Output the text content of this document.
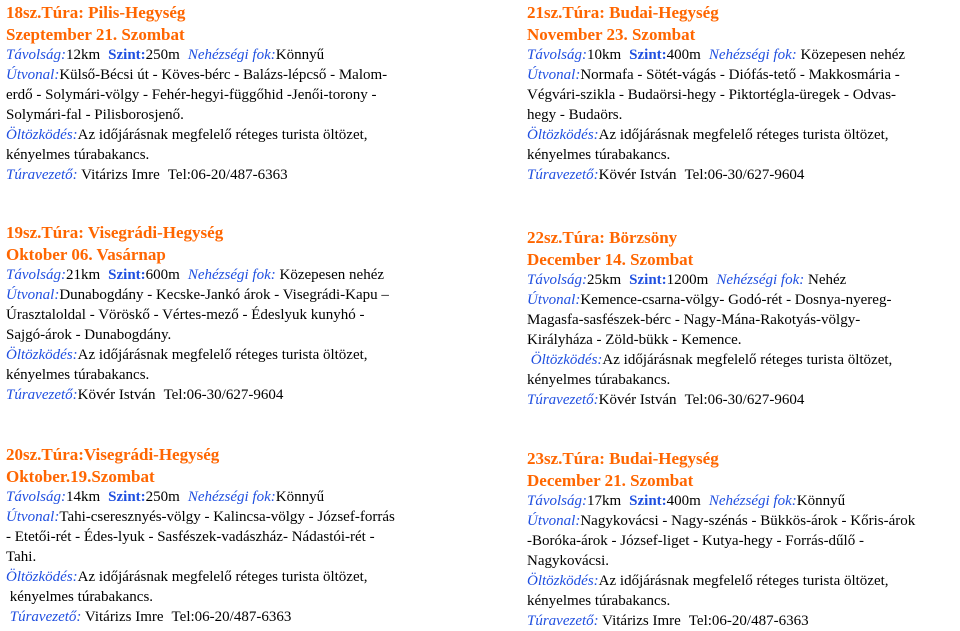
18sz.Túra: Pilis-Hegység

Szeptember 21. Szombat

Távolság:12km Szint:250m Nehézségi fok:Könnyű

Útvonal:Külső-Bécsi út - Köves-bérc - Balázs-lépcső - Malom-

erdő - Solymári-völgy - Fehér-hegyi-függőhid -Jenői-torony -

Solymári-fal - Pilisborosjenő.

Öltözködés:Az időjárásnak megfelelő réteges turista öltözet,

kényelmes túrabakancs.

Túravezető: Vitárizs Imre Tel:06-20/487-6363

21sz.Túra: Budai-Hegység

November 23. Szombat

Távolság:10km Szint:400m Nehézségi fok: Közepesen nehéz

Útvonal:Normafa - Sötét-vágás - Diófás-tető - Makkosmária -

Végvári-szikla - Budaörsi-hegy - Piktortégla-üregek - Odvas-

hegy - Budaörs.

Öltözködés:Az időjárásnak megfelelő réteges turista öltözet,

kényelmes túrabakancs.

Túravezető:Kövér István Tel:06-30/627-9604

19sz.Túra: Visegrádi-Hegység

Oktober 06. Vasárnap

Távolság:21km Szint:600m Nehézségi fok: Közepesen nehéz

Útvonal:Dunabogdány - Kecske-Jankó árok - Visegrádi-Kapu –

Úrasztaloldal - Vöröskő - Vértes-mező - Édeslyuk kunyhó -

Sajgó-árok - Dunabogdány.

Öltözködés:Az időjárásnak megfelelő réteges turista öltözet,

kényelmes túrabakancs.

Túravezető:Kövér István Tel:06-30/627-9604

22sz.Túra: Börzsöny

December 14. Szombat

Távolság:25km Szint:1200m Nehézségi fok: Nehéz

Útvonal:Kemence-csarna-völgy- Godó-rét - Dosnya-nyereg-

Magasfa-sasfészek-bérc - Nagy-Mána-Rakotyás-völgy-

Királyháza - Zöld-bükk - Kemence.

Öltözködés:Az időjárásnak megfelelő réteges turista öltözet,

kényelmes túrabakancs.

Túravezető:Kövér István Tel:06-30/627-9604

20sz.Túra:Visegrádi-Hegység

Oktober.19.Szombat

Távolság:14km Szint:250m Nehézségi fok:Könnyű

Útvonal:Tahi-cseresznyés-völgy - Kalincsa-völgy - József-forrás

- Etetői-rét - Édes-lyuk - Sasfészek-vadászház- Nádastói-rét -

Tahi.

Öltözködés:Az időjárásnak megfelelő réteges turista öltözet,

kényelmes túrabakancs.

Túravezető: Vitárizs Imre Tel:06-20/487-6363

23sz.Túra: Budai-Hegység

December 21. Szombat

Távolság:17km Szint:400m Nehézségi fok:Könnyű

Útvonal:Nagykovácsi - Nagy-szénás - Bükkös-árok - Kőris-árok

-Boróka-árok - József-liget - Kutya-hegy - Forrás-dűlő -

Nagykovácsi.

Öltözködés:Az időjárásnak megfelelő réteges turista öltözet,

kényelmes túrabakancs.

Túravezető: Vitárizs Imre Tel:06-20/487-6363
